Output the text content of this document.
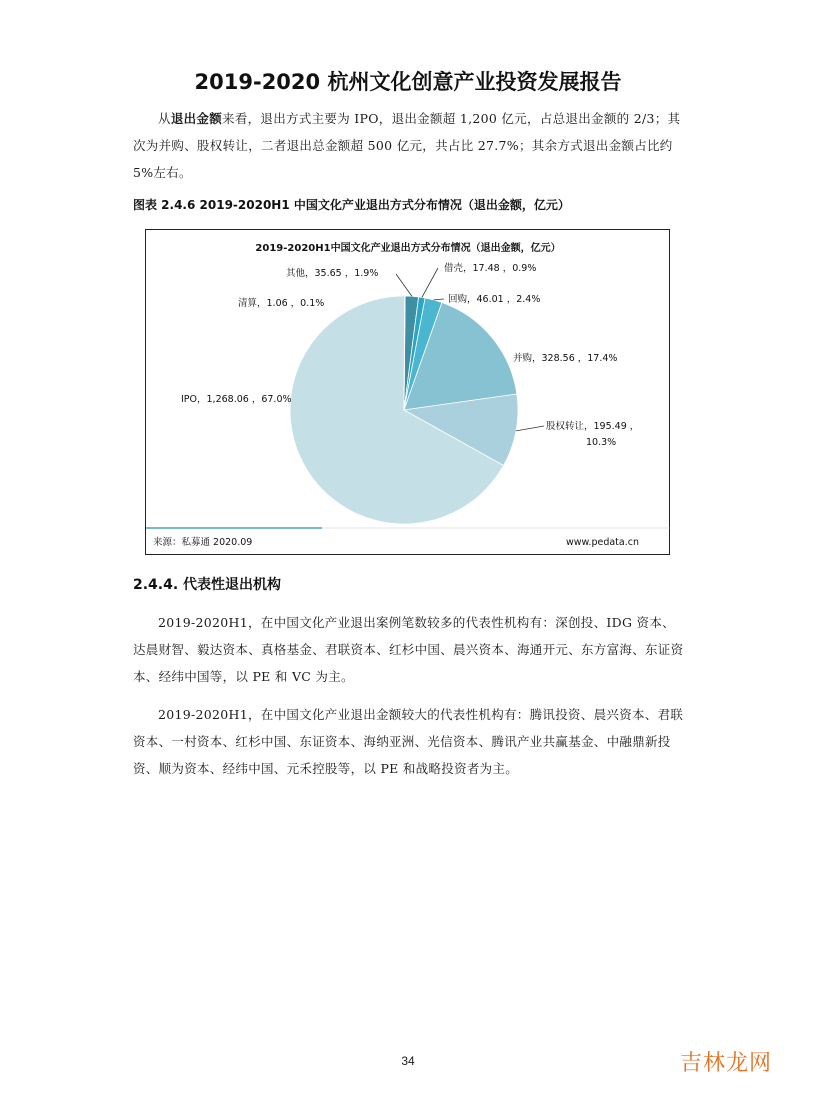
2019-2020 杭州文化创意产业投资发展报告

从退出金额来看，退出方式主要为 IPO，退出金额超 1,200 亿元，占总退出金额的 2/3；其次为并购、股权转让，二者退出总金额超 500 亿元，共占比 27.7%；其余方式退出金额占比约 5%左右。

图表 2.4.6 2019-2020H1 中国文化产业退出方式分布情况（退出金额，亿元）
2019-2020H1中国文化产业退出方式分布情况（退出金额，亿元）
其他，35.65 ，1.9%	借壳，17.48 ，0.9%
清算，1.06 ，0.1%	回购，46.01 ，2.4%
并购，328.56 ，17.4%
IPO，1,268.06 ，67.0%
股权转让，195.49 ，
10.3%
来源：私募通 2020.09	www.pedata.cn
2.4.4. 代表性退出机构

2019-2020H1，在中国文化产业退出案例笔数较多的代表性机构有：深创投、IDG 资本、达晨财智、毅达资本、真格基金、君联资本、红杉中国、晨兴资本、海通开元、东方富海、东证资本、经纬中国等，以 PE 和 VC 为主。

2019-2020H1，在中国文化产业退出金额较大的代表性机构有：腾讯投资、晨兴资本、君联资本、一村资本、红杉中国、东证资本、海纳亚洲、光信资本、腾讯产业共赢基金、中融鼎新投资、顺为资本、经纬中国、元禾控股等，以 PE 和战略投资者为主。

34	吉林龙网
